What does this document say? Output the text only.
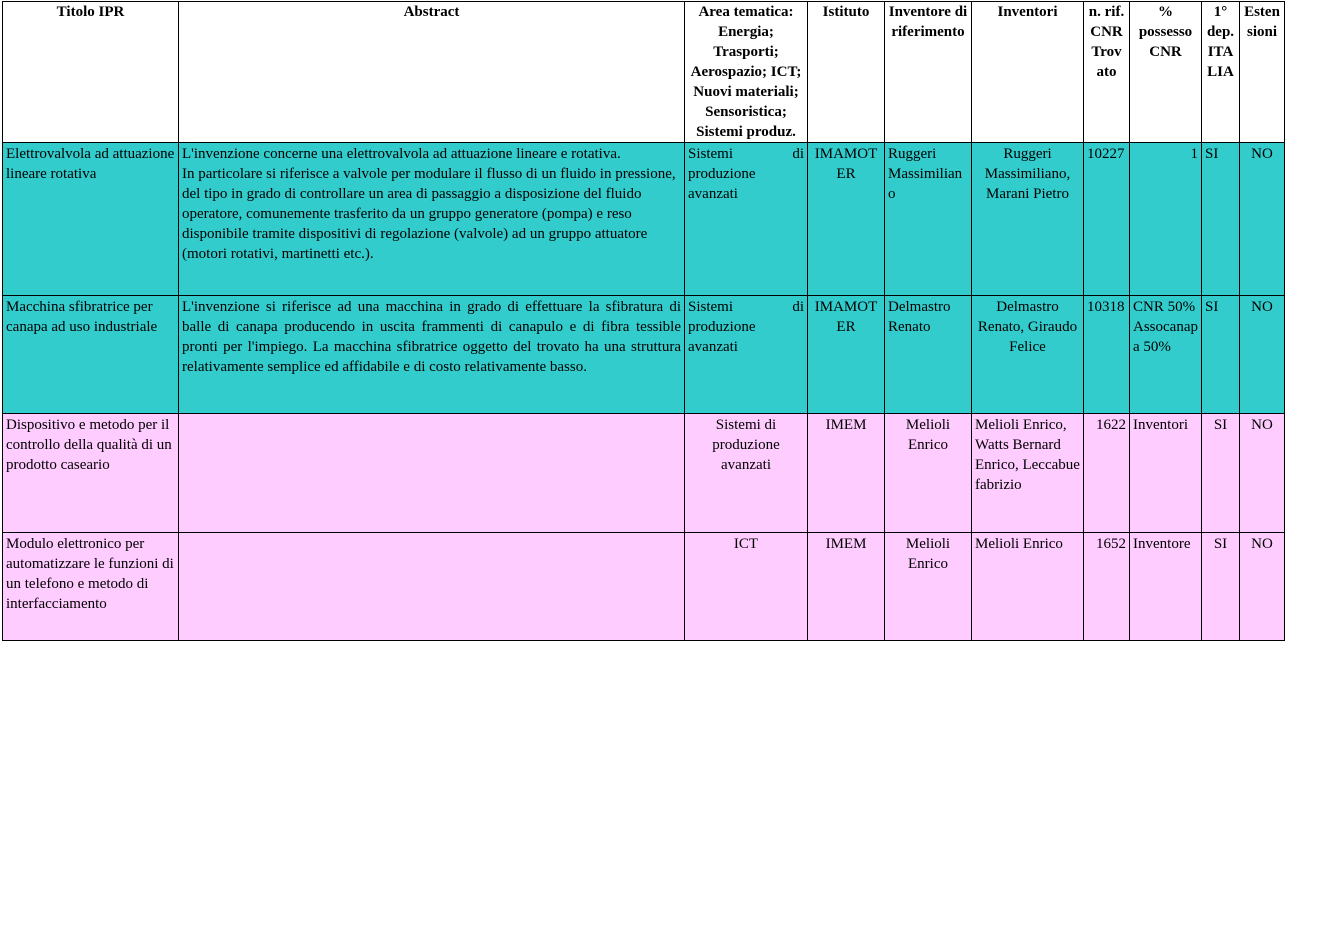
Titolo IPR	Abstract	Area tematica: Energia; Trasporti; Aerospazio; ICT; Nuovi materiali; Sensoristica; Sistemi produz.	Istituto	Inventore di riferimento	Inventori	n. rif. CNR Trov ato	% possesso CNR	1° dep. ITA LIA	Esten sioni
Elettrovalvola ad attuazione lineare rotativa	L'invenzione concerne una elettrovalvola ad attuazione lineare e rotativa.
In particolare si riferisce a valvole per modulare il flusso di un fluido in pressione, del tipo in grado di controllare un area di passaggio a disposizione del fluido operatore, comunemente trasferito da un gruppo generatore (pompa) e reso disponibile tramite dispositivi di regolazione (valvole) ad un gruppo attuatore (motori rotativi, martinetti etc.).	Sistemi di produzione avanzati	IMAMOTER	Ruggeri Massimiliano	Ruggeri Massimiliano, Marani Pietro	10227	1	SI	NO
Macchina sfibratrice per canapa ad uso industriale	L'invenzione si riferisce ad una macchina in grado di effettuare la sfibratura di balle di canapa producendo in uscita frammenti di canapulo e di fibra tessible pronti per l'impiego. La macchina sfibratrice oggetto del trovato ha una struttura relativamente semplice ed affidabile e di costo relativamente basso.	Sistemi di produzione avanzati	IMAMOTER	Delmastro Renato	Delmastro Renato, Giraudo Felice	10318	CNR 50% Assocanapa 50%	SI	NO
Dispositivo e metodo per il controllo della qualità di un prodotto caseario		Sistemi di produzione avanzati	IMEM	Melioli Enrico	Melioli Enrico, Watts Bernard Enrico, Leccabue fabrizio	1622	Inventori	SI	NO
Modulo elettronico per automatizzare le funzioni di un telefono e metodo di interfacciamento		ICT	IMEM	Melioli Enrico	Melioli Enrico	1652	Inventore	SI	NO
